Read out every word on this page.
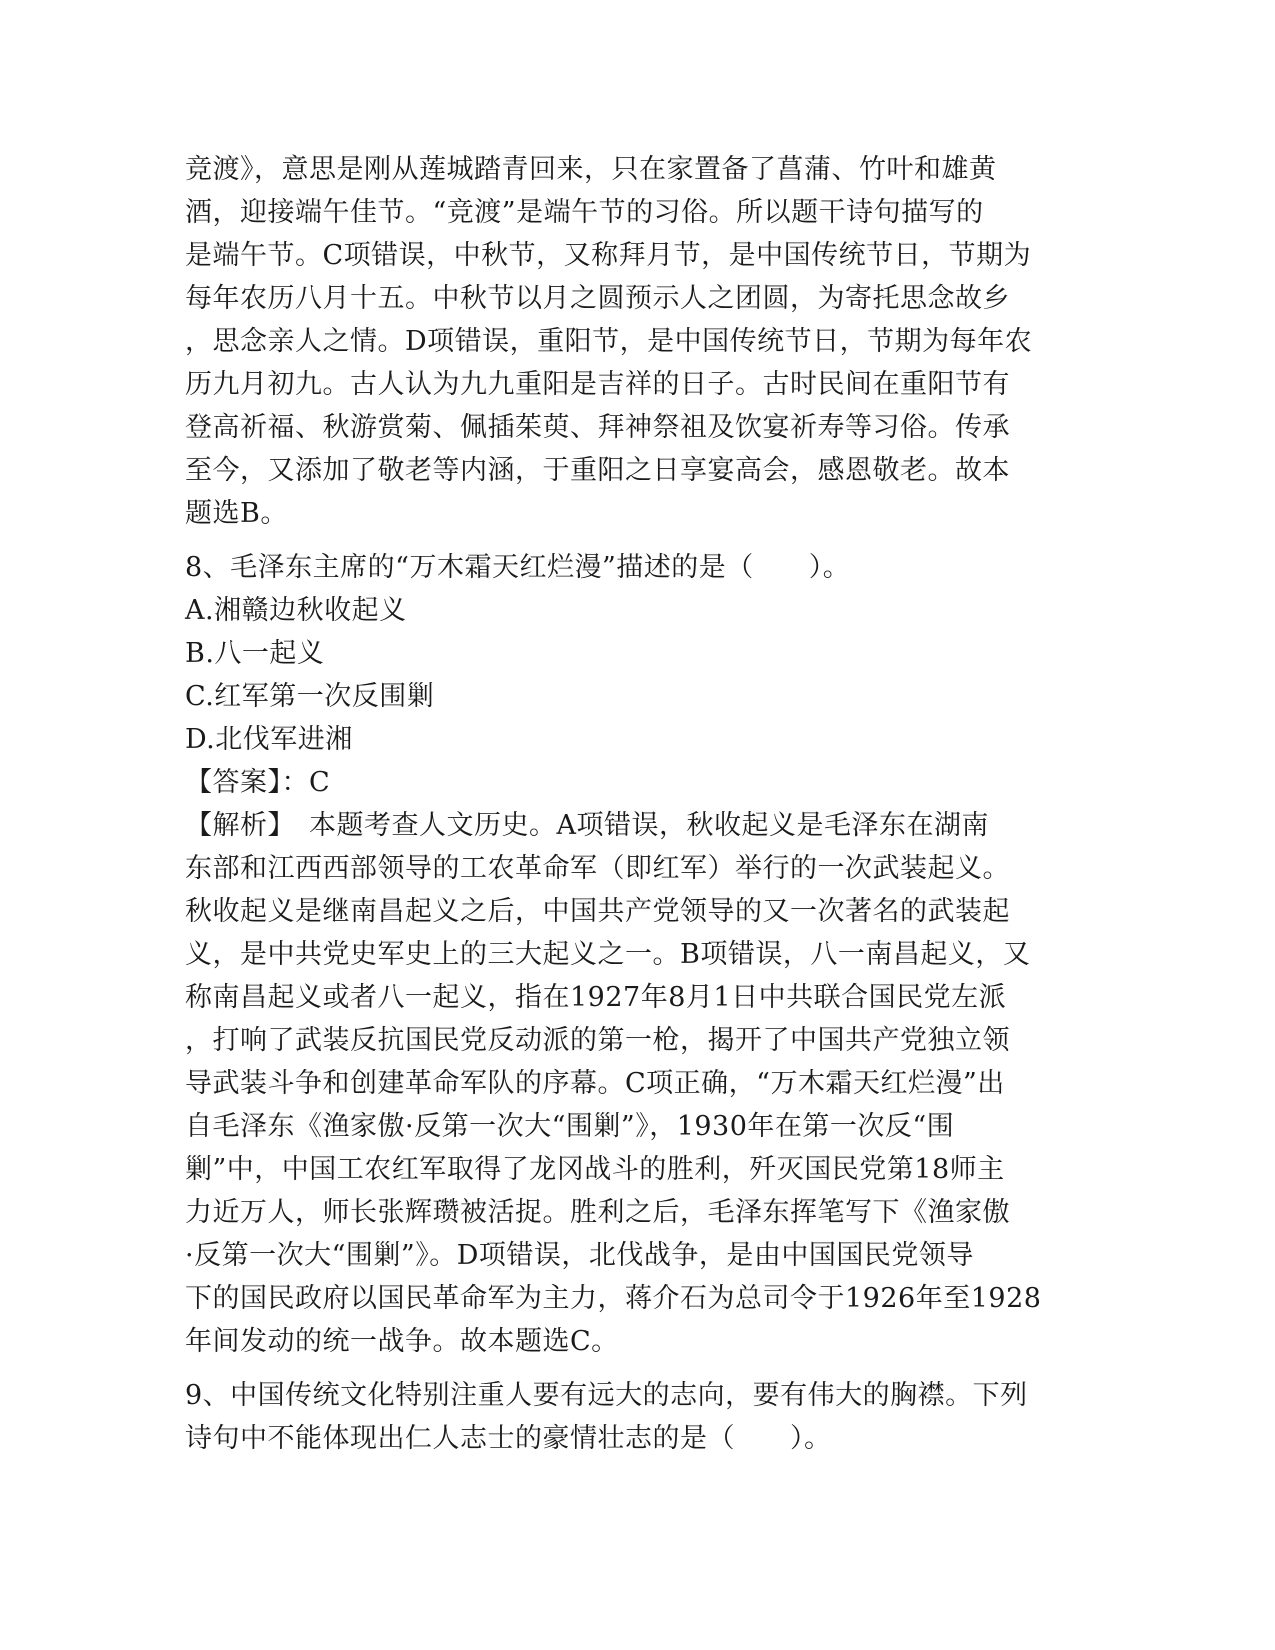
竞渡》，意思是刚从莲城踏青回来，只在家置备了菖蒲、竹叶和雄黄
酒，迎接端午佳节。“竞渡”是端午节的习俗。所以题干诗句描写的
是端午节。C项错误，中秋节，又称拜月节，是中国传统节日，节期为
每年农历八月十五。中秋节以月之圆预示人之团圆，为寄托思念故乡
，思念亲人之情。D项错误，重阳节，是中国传统节日，节期为每年农
历九月初九。古人认为九九重阳是吉祥的日子。古时民间在重阳节有
登高祈福、秋游赏菊、佩插茱萸、拜神祭祖及饮宴祈寿等习俗。传承
至今，又添加了敬老等内涵，于重阳之日享宴高会，感恩敬老。故本
题选B。
8、毛泽东主席的“万木霜天红烂漫”描述的是（　　）。
A.湘赣边秋收起义
B.八一起义
C.红军第一次反围剿
D.北伐军进湘
【答案】：C
【解析】　本题考查人文历史。A项错误，秋收起义是毛泽东在湖南
东部和江西西部领导的工农革命军（即红军）举行的一次武装起义。
秋收起义是继南昌起义之后，中国共产党领导的又一次著名的武装起
义，是中共党史军史上的三大起义之一。B项错误，八一南昌起义，又
称南昌起义或者八一起义，指在1927年8月1日中共联合国民党左派
，打响了武装反抗国民党反动派的第一枪，揭开了中国共产党独立领
导武装斗争和创建革命军队的序幕。C项正确，“万木霜天红烂漫”出
自毛泽东《渔家傲·反第一次大“围剿”》，1930年在第一次反“围
剿”中，中国工农红军取得了龙冈战斗的胜利，歼灭国民党第18师主
力近万人，师长张辉瓒被活捉。胜利之后，毛泽东挥笔写下《渔家傲
·反第一次大“围剿”》。D项错误，北伐战争，是由中国国民党领导
下的国民政府以国民革命军为主力，蒋介石为总司令于1926年至1928
年间发动的统一战争。故本题选C。
9、中国传统文化特别注重人要有远大的志向，要有伟大的胸襟。下列
诗句中不能体现出仁人志士的豪情壮志的是（　　）。
